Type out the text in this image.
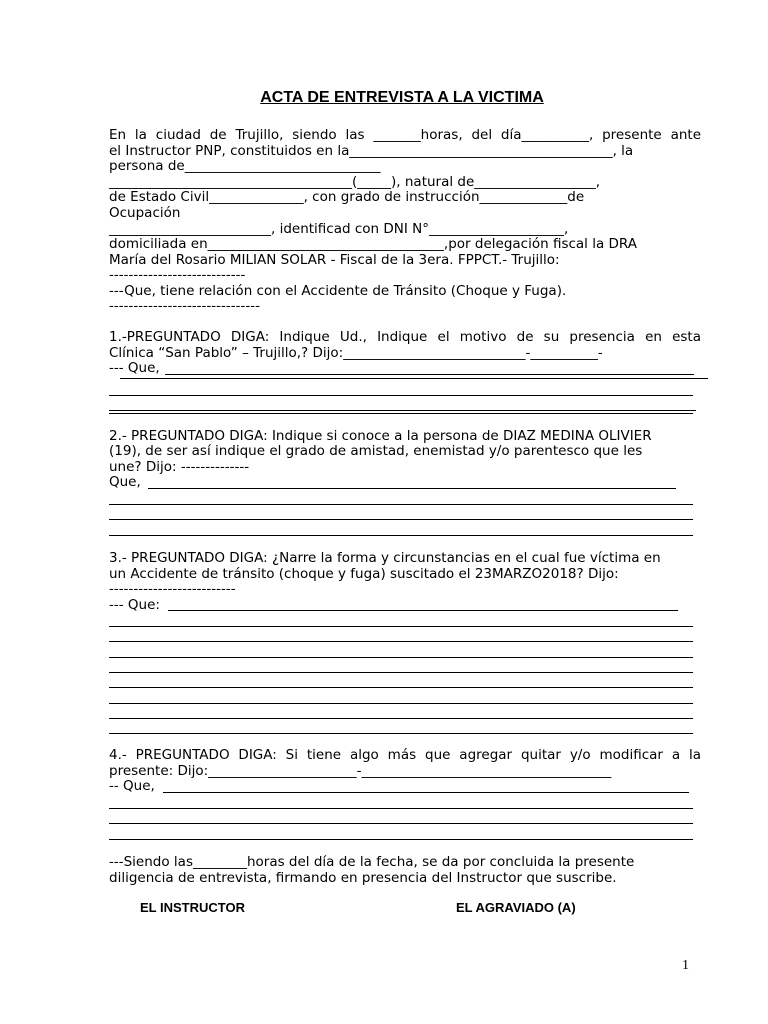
ACTA DE ENTREVISTA A LA VICTIMA
En la ciudad de Trujillo, siendo las _______horas, del día__________, presente ante
el Instructor PNP, constituidos en la_______________________________________, la
persona de_____________________________
____________________________________(_____), natural de__________________,
de Estado Civil______________, con grado de instrucción_____________de
Ocupación
________________________, identificad con DNI N°____________________,
domiciliada en___________________________________,por delegación fiscal la DRA
María del Rosario MILIAN SOLAR - Fiscal de la 3era. FPPCT.- Trujillo:
----------------------------
---Que, tiene relación con el Accidente de Tránsito (Choque y Fuga).
-------------------------------
1.-PREGUNTADO DIGA: Indique Ud., Indique el motivo de su presencia en esta
Clínica “San Pablo” – Trujillo,? Dijo:___________________________-__________-
--- Que,
2.- PREGUNTADO DIGA: Indique si conoce a la persona de DIAZ MEDINA OLIVIER
(19), de ser así indique el grado de amistad, enemistad y/o parentesco que les
une? Dijo: --------------
Que,
3.- PREGUNTADO DIGA: ¿Narre la forma y circunstancias en el cual fue víctima en
un Accidente de tránsito (choque y fuga) suscitado el 23MARZO2018? Dijo:
--------------------------
--- Que:
4.- PREGUNTADO DIGA: Si tiene algo más que agregar quitar y/o modificar a la
presente: Dijo:______________________-_____________________________________
-- Que,
---Siendo las________horas del día de la fecha, se da por concluida la presente
diligencia de entrevista, firmando en presencia del Instructor que suscribe.
EL INSTRUCTOR	EL AGRAVIADO (A)
1
